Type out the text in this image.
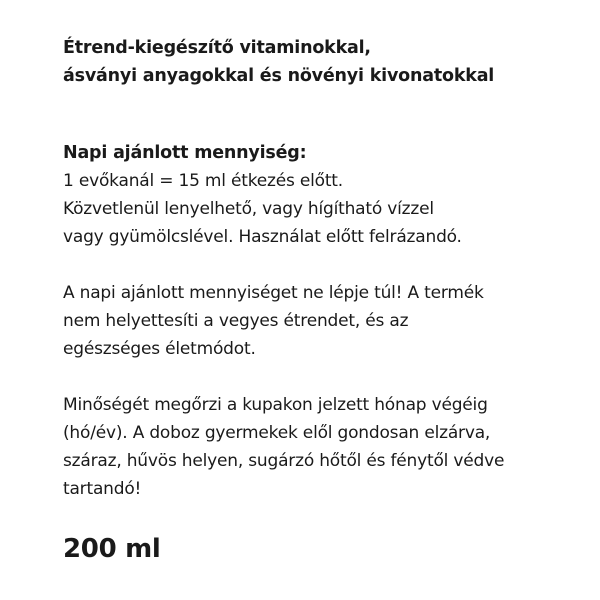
Étrend-kiegészítő vitaminokkal,
ásványi anyagokkal és növényi kivonatokkal
Napi ajánlott mennyiség:

1 evőkanál = 15 ml étkezés előtt.
Közvetlenül lenyelhető, vagy hígítható vízzel
vagy gyümölcslével. Használat előtt felrázandó.

A napi ajánlott mennyiséget ne lépje túl! A termék
nem helyettesíti a vegyes étrendet, és az
egészséges életmódot.

Minőségét megőrzi a kupakon jelzett hónap végéig
(hó/év). A doboz gyermekek elől gondosan elzárva,
száraz, hűvös helyen, sugárzó hőtől és fénytől védve
tartandó!

200 ml
